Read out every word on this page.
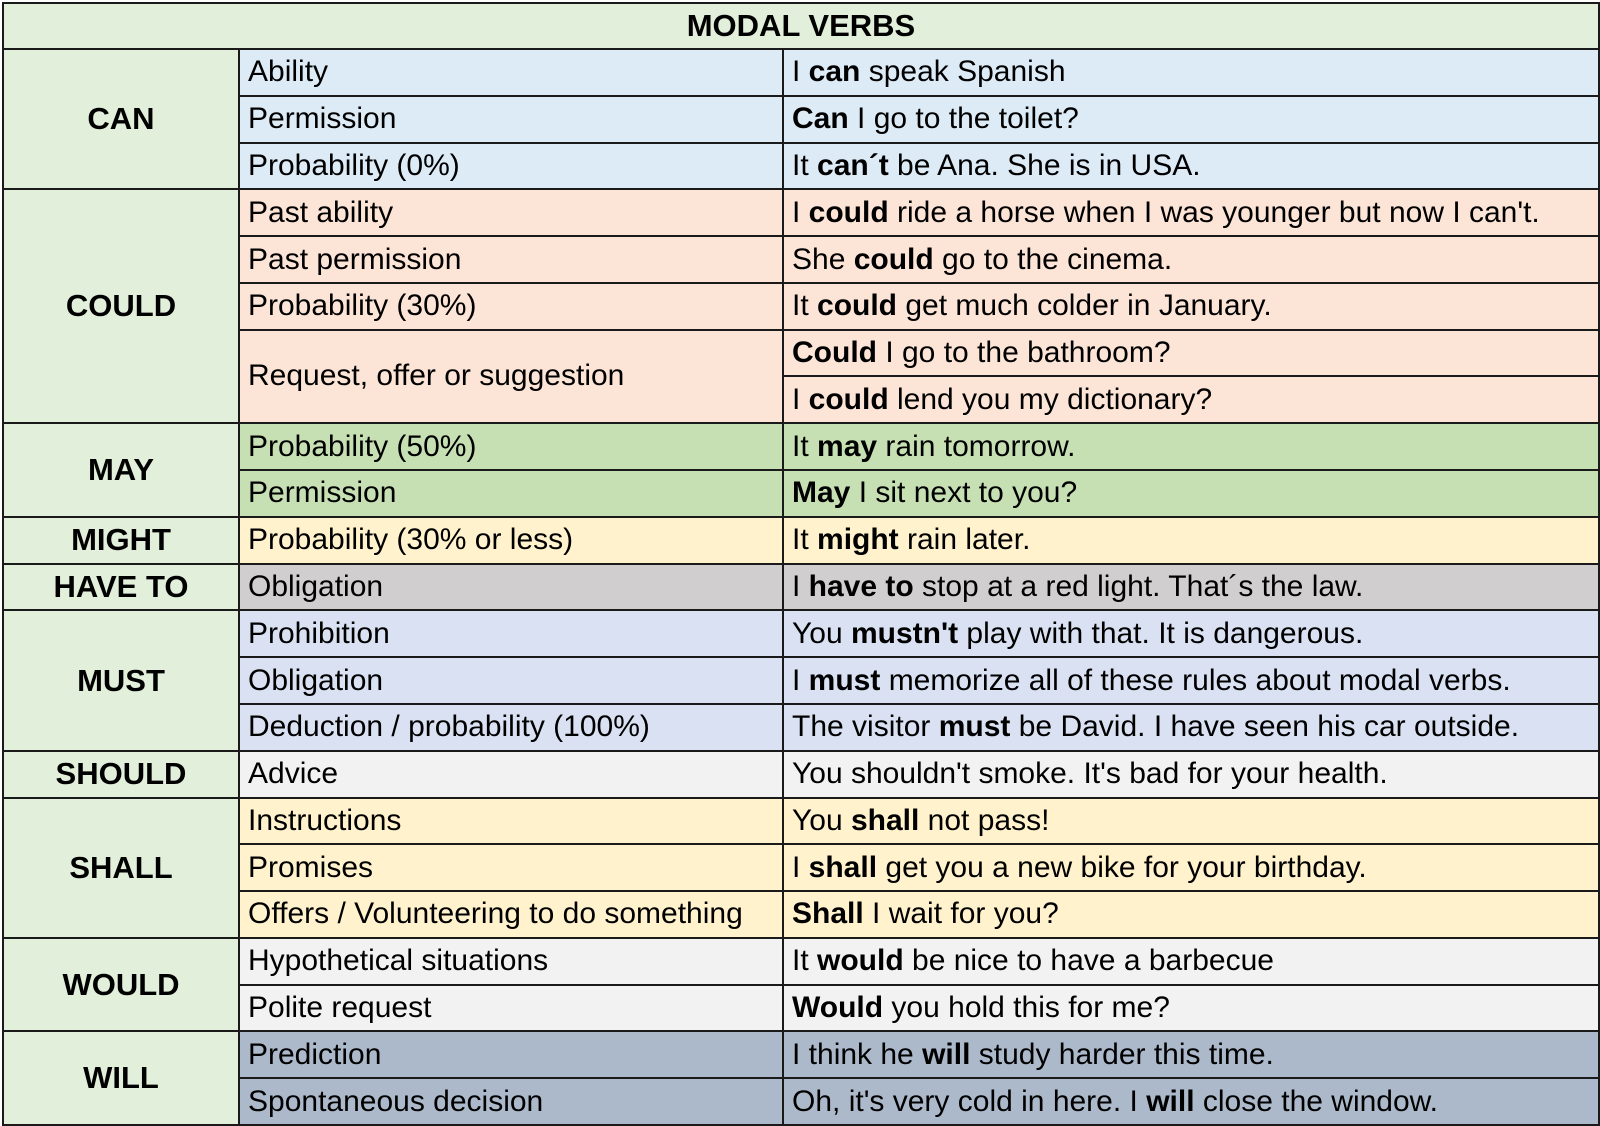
MODAL VERBS		
CAN	Ability	I can speak Spanish
	Permission	Can I go to the toilet?
	Probability (0%)	It can´t be Ana. She is in USA.
COULD	Past ability	I could ride a horse when I was younger but now I can't.
	Past permission	She could go to the cinema.
	Probability (30%)	It could get much colder in January.
	Request, offer or suggestion	Could I go to the bathroom?
		I could lend you my dictionary?
MAY	Probability (50%)	It may rain tomorrow.
	Permission	May I sit next to you?
MIGHT	Probability (30% or less)	It might rain later.
HAVE TO	Obligation	I have to stop at a red light. That´s the law.
MUST	Prohibition	You mustn't play with that. It is dangerous.
	Obligation	I must memorize all of these rules about modal verbs.
	Deduction / probability (100%)	The visitor must be David. I have seen his car outside.
SHOULD	Advice	You shouldn't smoke. It's bad for your health.
SHALL	Instructions	You shall not pass!
	Promises	I shall get you a new bike for your birthday.
	Offers / Volunteering to do something	Shall I wait for you?
WOULD	Hypothetical situations	It would be nice to have a barbecue
	Polite request	Would you hold this for me?
WILL	Prediction	I think he will study harder this time.
	Spontaneous decision	Oh, it's very cold in here. I will close the window.
